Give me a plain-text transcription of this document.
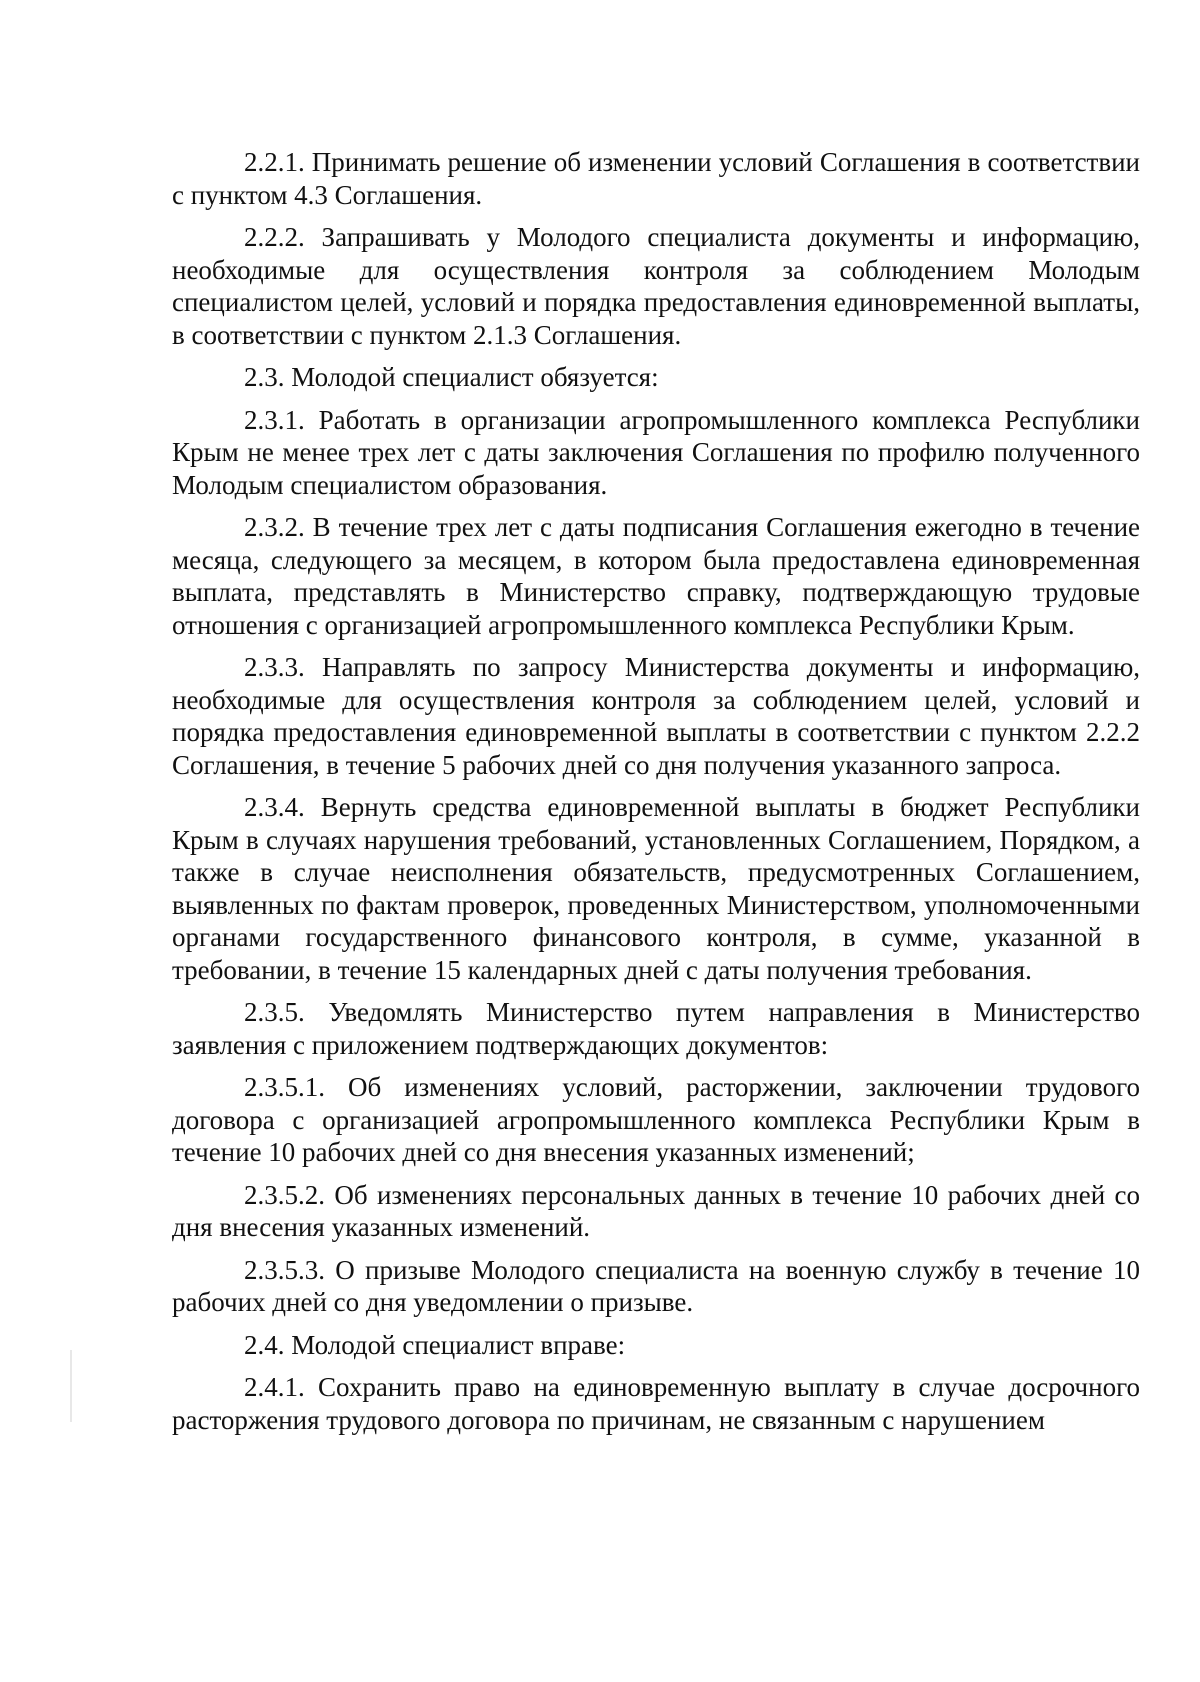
2.2.1. Принимать решение об изменении условий Соглашения в соответствии с пунктом 4.3 Соглашения.

2.2.2. Запрашивать у Молодого специалиста документы и информацию, необходимые для осуществления контроля за соблюдением Молодым специалистом целей, условий и порядка предоставления единовременной выплаты, в соответствии с пунктом 2.1.3 Соглашения.

2.3. Молодой специалист обязуется:

2.3.1. Работать в организации агропромышленного комплекса Республики Крым не менее трех лет с даты заключения Соглашения по профилю полученного Молодым специалистом образования.

2.3.2. В течение трех лет с даты подписания Соглашения ежегодно в течение месяца, следующего за месяцем, в котором была предоставлена единовременная выплата, представлять в Министерство справку, подтверждающую трудовые отношения с организацией агропромышленного комплекса Республики Крым.

2.3.3. Направлять по запросу Министерства документы и информацию, необходимые для осуществления контроля за соблюдением целей, условий и порядка предоставления единовременной выплаты в соответствии с пунктом 2.2.2 Соглашения, в течение 5 рабочих дней со дня получения указанного запроса.

2.3.4. Вернуть средства единовременной выплаты в бюджет Республики Крым в случаях нарушения требований, установленных Соглашением, Порядком, а также в случае неисполнения обязательств, предусмотренных Соглашением, выявленных по фактам проверок, проведенных Министерством, уполномоченными органами государственного финансового контроля, в сумме, указанной в требовании, в течение 15 календарных дней с даты получения требования.

2.3.5. Уведомлять Министерство путем направления в Министерство заявления с приложением подтверждающих документов:

2.3.5.1. Об изменениях условий, расторжении, заключении трудового договора с организацией агропромышленного комплекса Республики Крым в течение 10 рабочих дней со дня внесения указанных изменений;

2.3.5.2. Об изменениях персональных данных в течение 10 рабочих дней со дня внесения указанных изменений.

2.3.5.3. О призыве Молодого специалиста на военную службу в течение 10 рабочих дней со дня уведомлении о призыве.

2.4. Молодой специалист вправе:

2.4.1. Сохранить право на единовременную выплату в случае досрочного расторжения трудового договора по причинам, не связанным с нарушением
